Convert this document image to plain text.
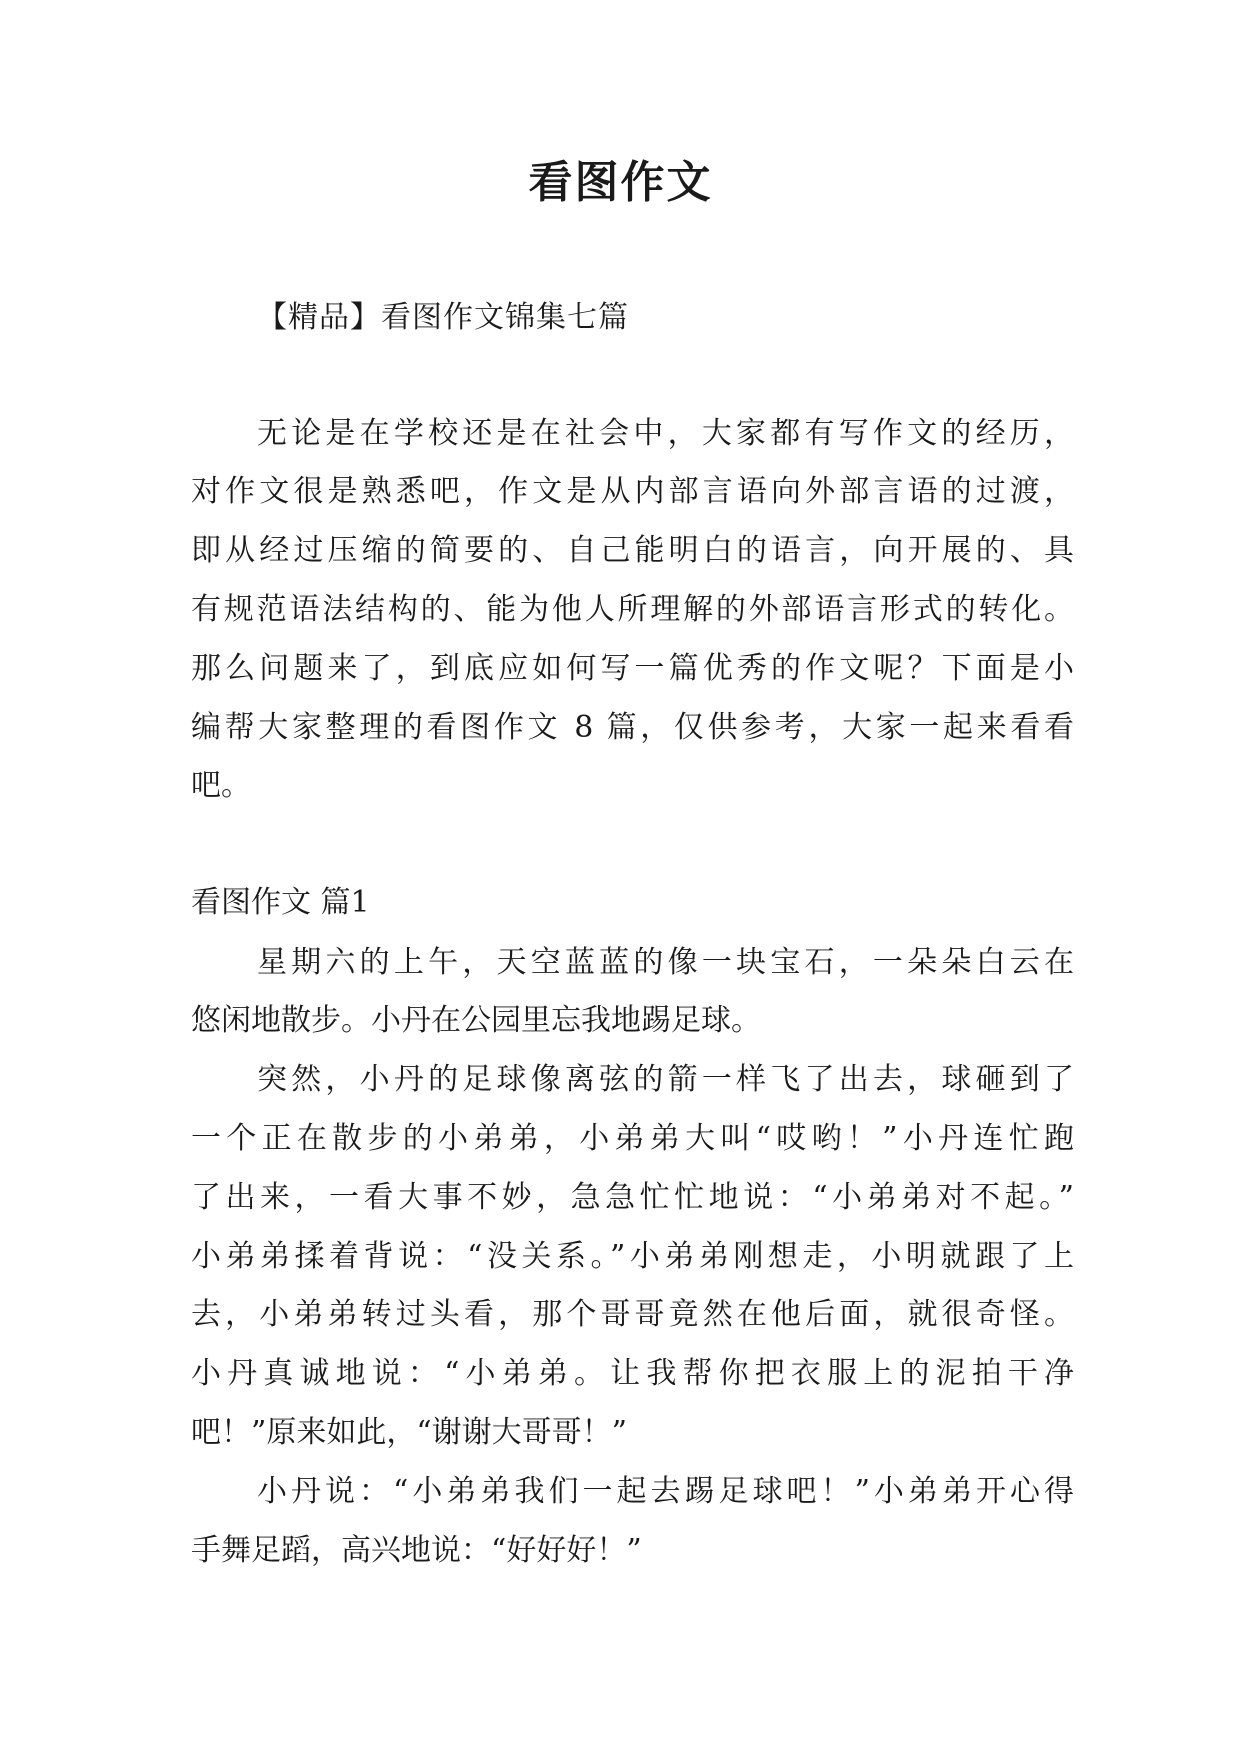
看图作文
【精品】看图作文锦集七篇
无论是在学校还是在社会中，大家都有写作文的经历，
对作文很是熟悉吧，作文是从内部言语向外部言语的过渡，
即从经过压缩的简要的、自己能明白的语言，向开展的、具
有规范语法结构的、能为他人所理解的外部语言形式的转化。
那么问题来了，到底应如何写一篇优秀的作文呢？下面是小
编帮大家整理的看图作文 8 篇，仅供参考，大家一起来看看
吧。
看图作文 篇1
星期六的上午，天空蓝蓝的像一块宝石，一朵朵白云在
悠闲地散步。小丹在公园里忘我地踢足球。
突然，小丹的足球像离弦的箭一样飞了出去，球砸到了
一个正在散步的小弟弟，小弟弟大叫“哎哟！”小丹连忙跑
了出来，一看大事不妙，急急忙忙地说：“小弟弟对不起。”
小弟弟揉着背说：“没关系。”小弟弟刚想走，小明就跟了上
去，小弟弟转过头看，那个哥哥竟然在他后面，就很奇怪。
小丹真诚地说：“小弟弟。让我帮你把衣服上的泥拍干净
吧！”原来如此，“谢谢大哥哥！”
小丹说：“小弟弟我们一起去踢足球吧！”小弟弟开心得
手舞足蹈，高兴地说：“好好好！”
